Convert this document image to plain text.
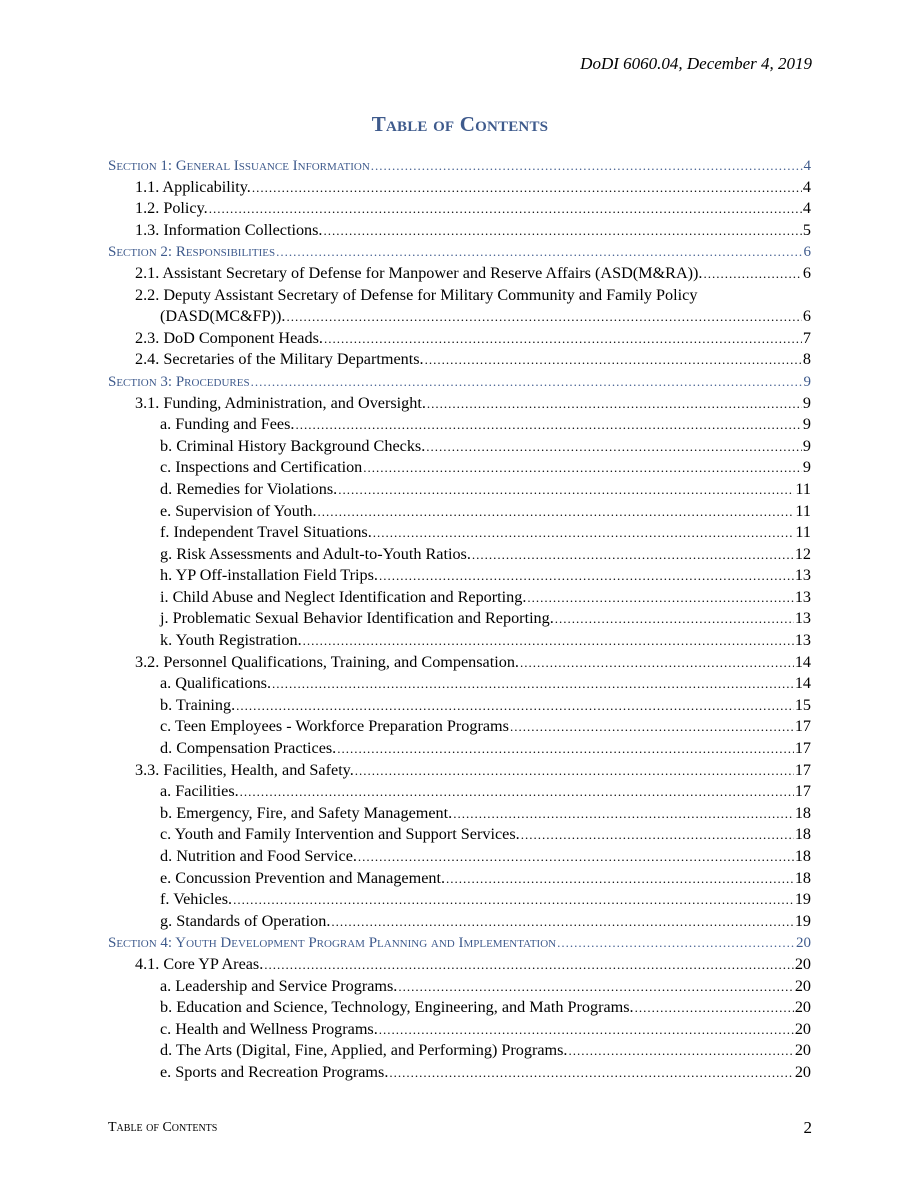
DoDI 6060.04, December 4, 2019
Table of Contents
Section 1: General Issuance Information .....	4
1.1. Applicability. .....	4
1.2. Policy. .....	4
1.3. Information Collections. .....	5
Section 2: Responsibilities .....	6
2.1. Assistant Secretary of Defense for Manpower and Reserve Affairs (ASD(M&RA)). .....	6
2.2. Deputy Assistant Secretary of Defense for Military Community and Family Policy
(DASD(MC&FP)). .....	6
2.3. DoD Component Heads. .....	7
2.4. Secretaries of the Military Departments. .....	8
Section 3: Procedures .....	9
3.1. Funding, Administration, and Oversight. .....	9
a. Funding and Fees. .....	9
b. Criminal History Background Checks. .....	9
c. Inspections and Certification .....	9
d. Remedies for Violations. .....	11
e. Supervision of Youth. .....	11
f. Independent Travel Situations. .....	11
g. Risk Assessments and Adult-to-Youth Ratios. .....	12
h. YP Off-installation Field Trips. .....	13
i. Child Abuse and Neglect Identification and Reporting. .....	13
j. Problematic Sexual Behavior Identification and Reporting. .....	13
k. Youth Registration. .....	13
3.2. Personnel Qualifications, Training, and Compensation. .....	14
a. Qualifications. .....	14
b. Training. .....	15
c. Teen Employees - Workforce Preparation Programs .....	17
d. Compensation Practices. .....	17
3.3. Facilities, Health, and Safety. .....	17
a. Facilities. .....	17
b. Emergency, Fire, and Safety Management. .....	18
c. Youth and Family Intervention and Support Services. .....	18
d. Nutrition and Food Service. .....	18
e. Concussion Prevention and Management. .....	18
f. Vehicles. .....	19
g. Standards of Operation. .....	19
Section 4: Youth Development Program Planning and Implementation .....	20
4.1. Core YP Areas. .....	20
a. Leadership and Service Programs. .....	20
b. Education and Science, Technology, Engineering, and Math Programs. .....	20
c. Health and Wellness Programs. .....	20
d. The Arts (Digital, Fine, Applied, and Performing) Programs. .....	20
e. Sports and Recreation Programs. .....	20
Table of Contents	2
